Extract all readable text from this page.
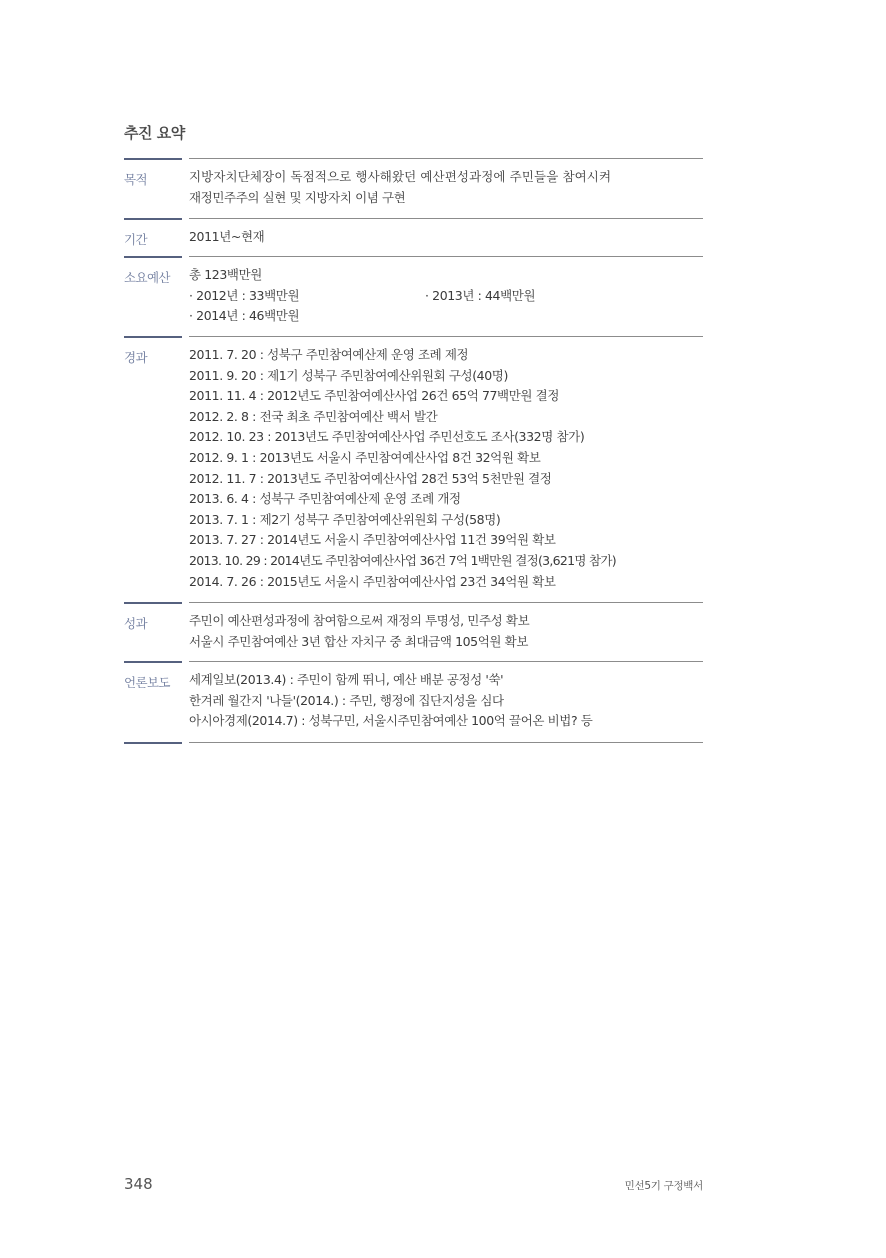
추진 요약
목적	지방자치단체장이 독점적으로 행사해왔던 예산편성과정에 주민들을 참여시켜
재정민주주의 실현 및 지방자치 이념 구현
기간	2011년~현재
소요예산 총 123백만원
· 2012년 : 33백만원	· 2013년 : 44백만원
· 2014년 : 46백만원
경과	2011. 7. 20 : 성북구 주민참여예산제 운영 조례 제정
2011. 9. 20 : 제1기 성북구 주민참여예산위원회 구성(40명)
2011. 11. 4 : 2012년도 주민참여예산사업 26건 65억 77백만원 결정
2012. 2. 8 : 전국 최초 주민참여예산 백서 발간
2012. 10. 23 : 2013년도 주민참여예산사업 주민선호도 조사(332명 참가)
2012. 9. 1 : 2013년도 서울시 주민참여예산사업 8건 32억원 확보
2012. 11. 7 : 2013년도 주민참여예산사업 28건 53억 5천만원 결정
2013. 6. 4 : 성북구 주민참여예산제 운영 조례 개정
2013. 7. 1 : 제2기 성북구 주민참여예산위원회 구성(58명)
2013. 7. 27 : 2014년도 서울시 주민참여예산사업 11건 39억원 확보
2013. 10. 29 : 2014년도 주민참여예산사업 36건 7억 1백만원 결정(3,621명 참가)
2014. 7. 26 : 2015년도 서울시 주민참여예산사업 23건 34억원 확보
성과	주민이 예산편성과정에 참여함으로써 재정의 투명성, 민주성 확보
서울시 주민참여예산 3년 합산 자치구 중 최대금액 105억원 확보
언론보도 세계일보(2013.4) : 주민이 함께 뛰니, 예산 배분 공정성 '쑥'
한겨레 월간지 '나들'(2014.) : 주민, 행정에 집단지성을 심다
아시아경제(2014.7) : 성북구민, 서울시주민참여예산 100억 끌어온 비법? 등
348	민선5기 구정백서
